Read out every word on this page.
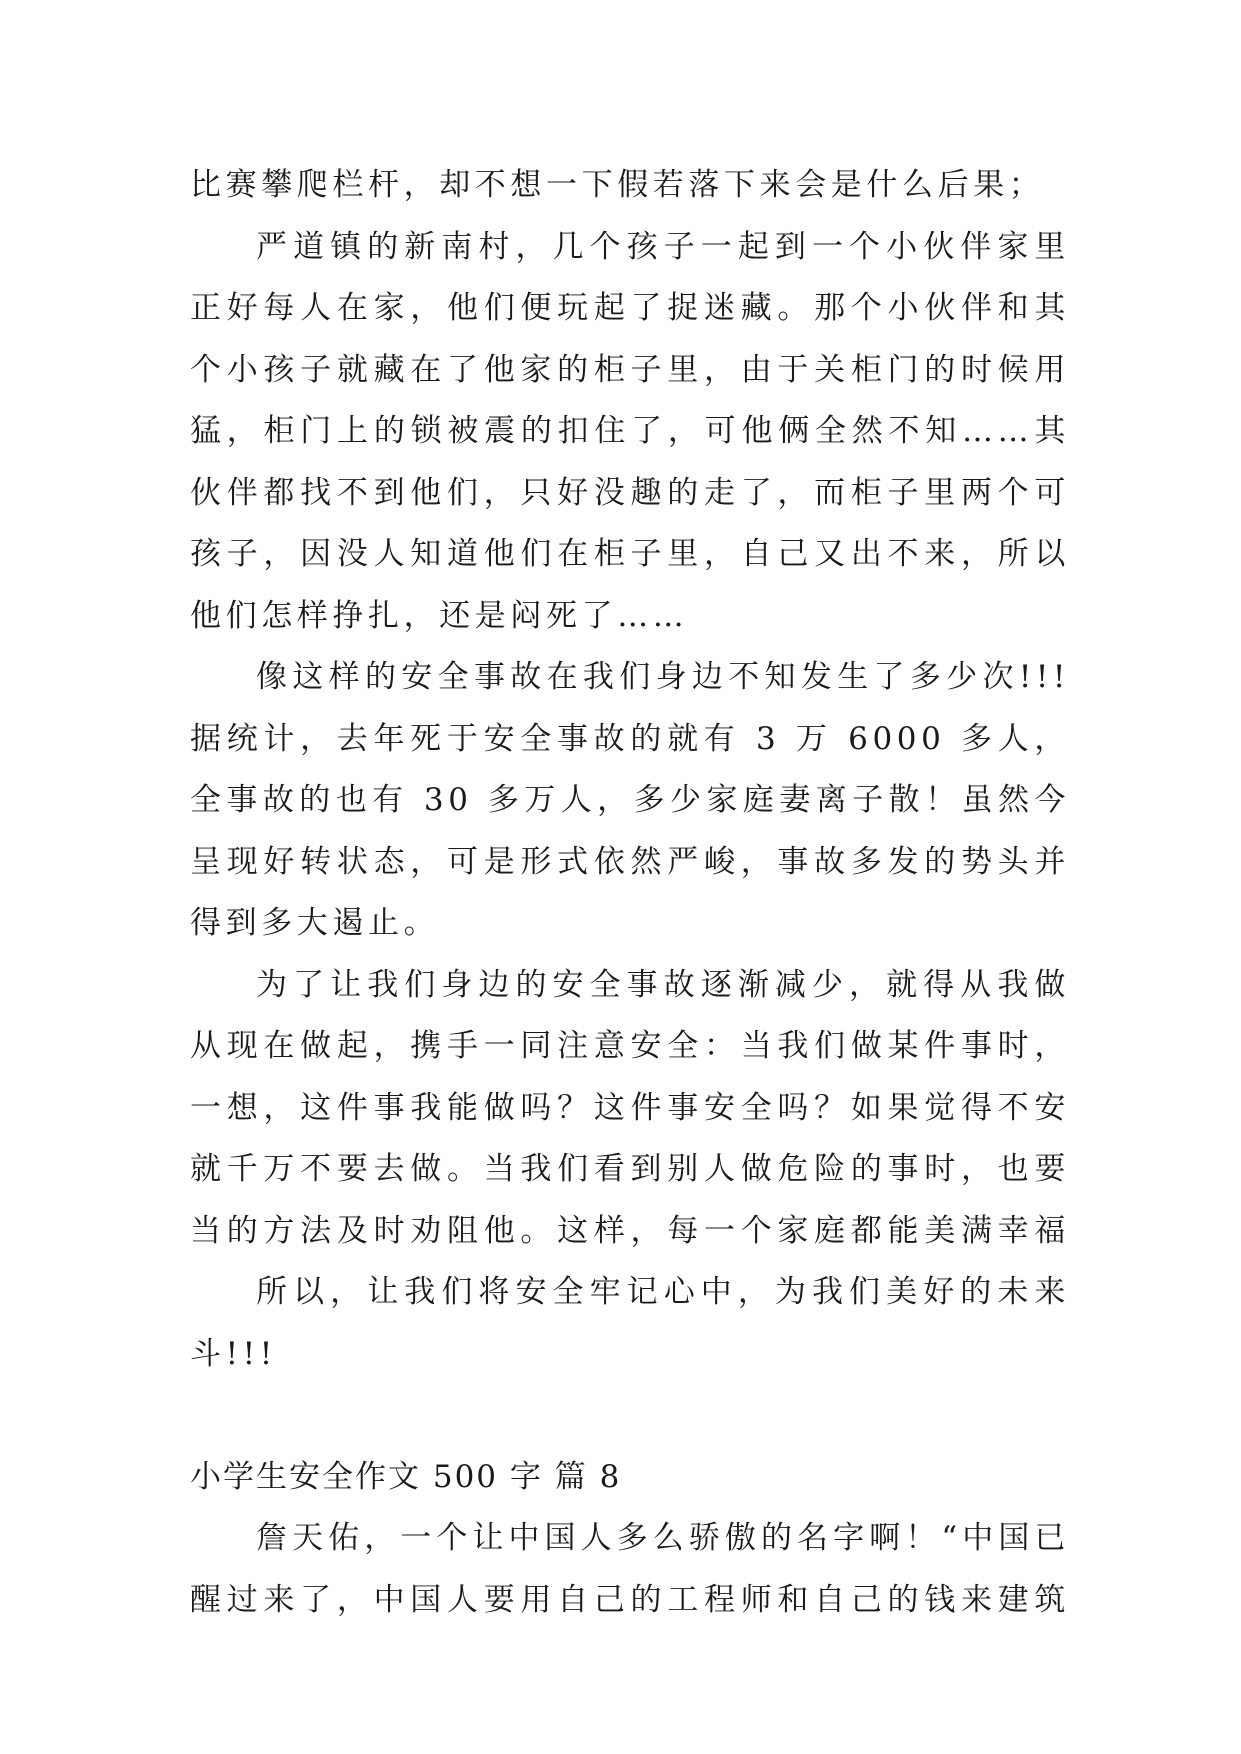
比赛攀爬栏杆，却不想一下假若落下来会是什么后果；
严道镇的新南村，几个孩子一起到一个小伙伴家里
正好每人在家，他们便玩起了捉迷藏。那个小伙伴和其
个小孩子就藏在了他家的柜子里，由于关柜门的时候用
猛，柜门上的锁被震的扣住了，可他俩全然不知……其
伙伴都找不到他们，只好没趣的走了，而柜子里两个可
孩子，因没人知道他们在柜子里，自己又出不来，所以
他们怎样挣扎，还是闷死了……
像这样的安全事故在我们身边不知发生了多少次!!!
据统计，去年死于安全事故的就有 3 万 6000 多人，
全事故的也有 30 多万人，多少家庭妻离子散！虽然今
呈现好转状态，可是形式依然严峻，事故多发的势头并
得到多大遏止。
为了让我们身边的安全事故逐渐减少，就得从我做
从现在做起，携手一同注意安全：当我们做某件事时，
一想，这件事我能做吗？这件事安全吗？如果觉得不安
就千万不要去做。当我们看到别人做危险的事时，也要
当的方法及时劝阻他。这样，每一个家庭都能美满幸福
所以，让我们将安全牢记心中，为我们美好的未来
斗!!!
小学生安全作文 500 字 篇 8
詹天佑，一个让中国人多么骄傲的名字啊！“中国已
醒过来了，中国人要用自己的工程师和自己的钱来建筑
